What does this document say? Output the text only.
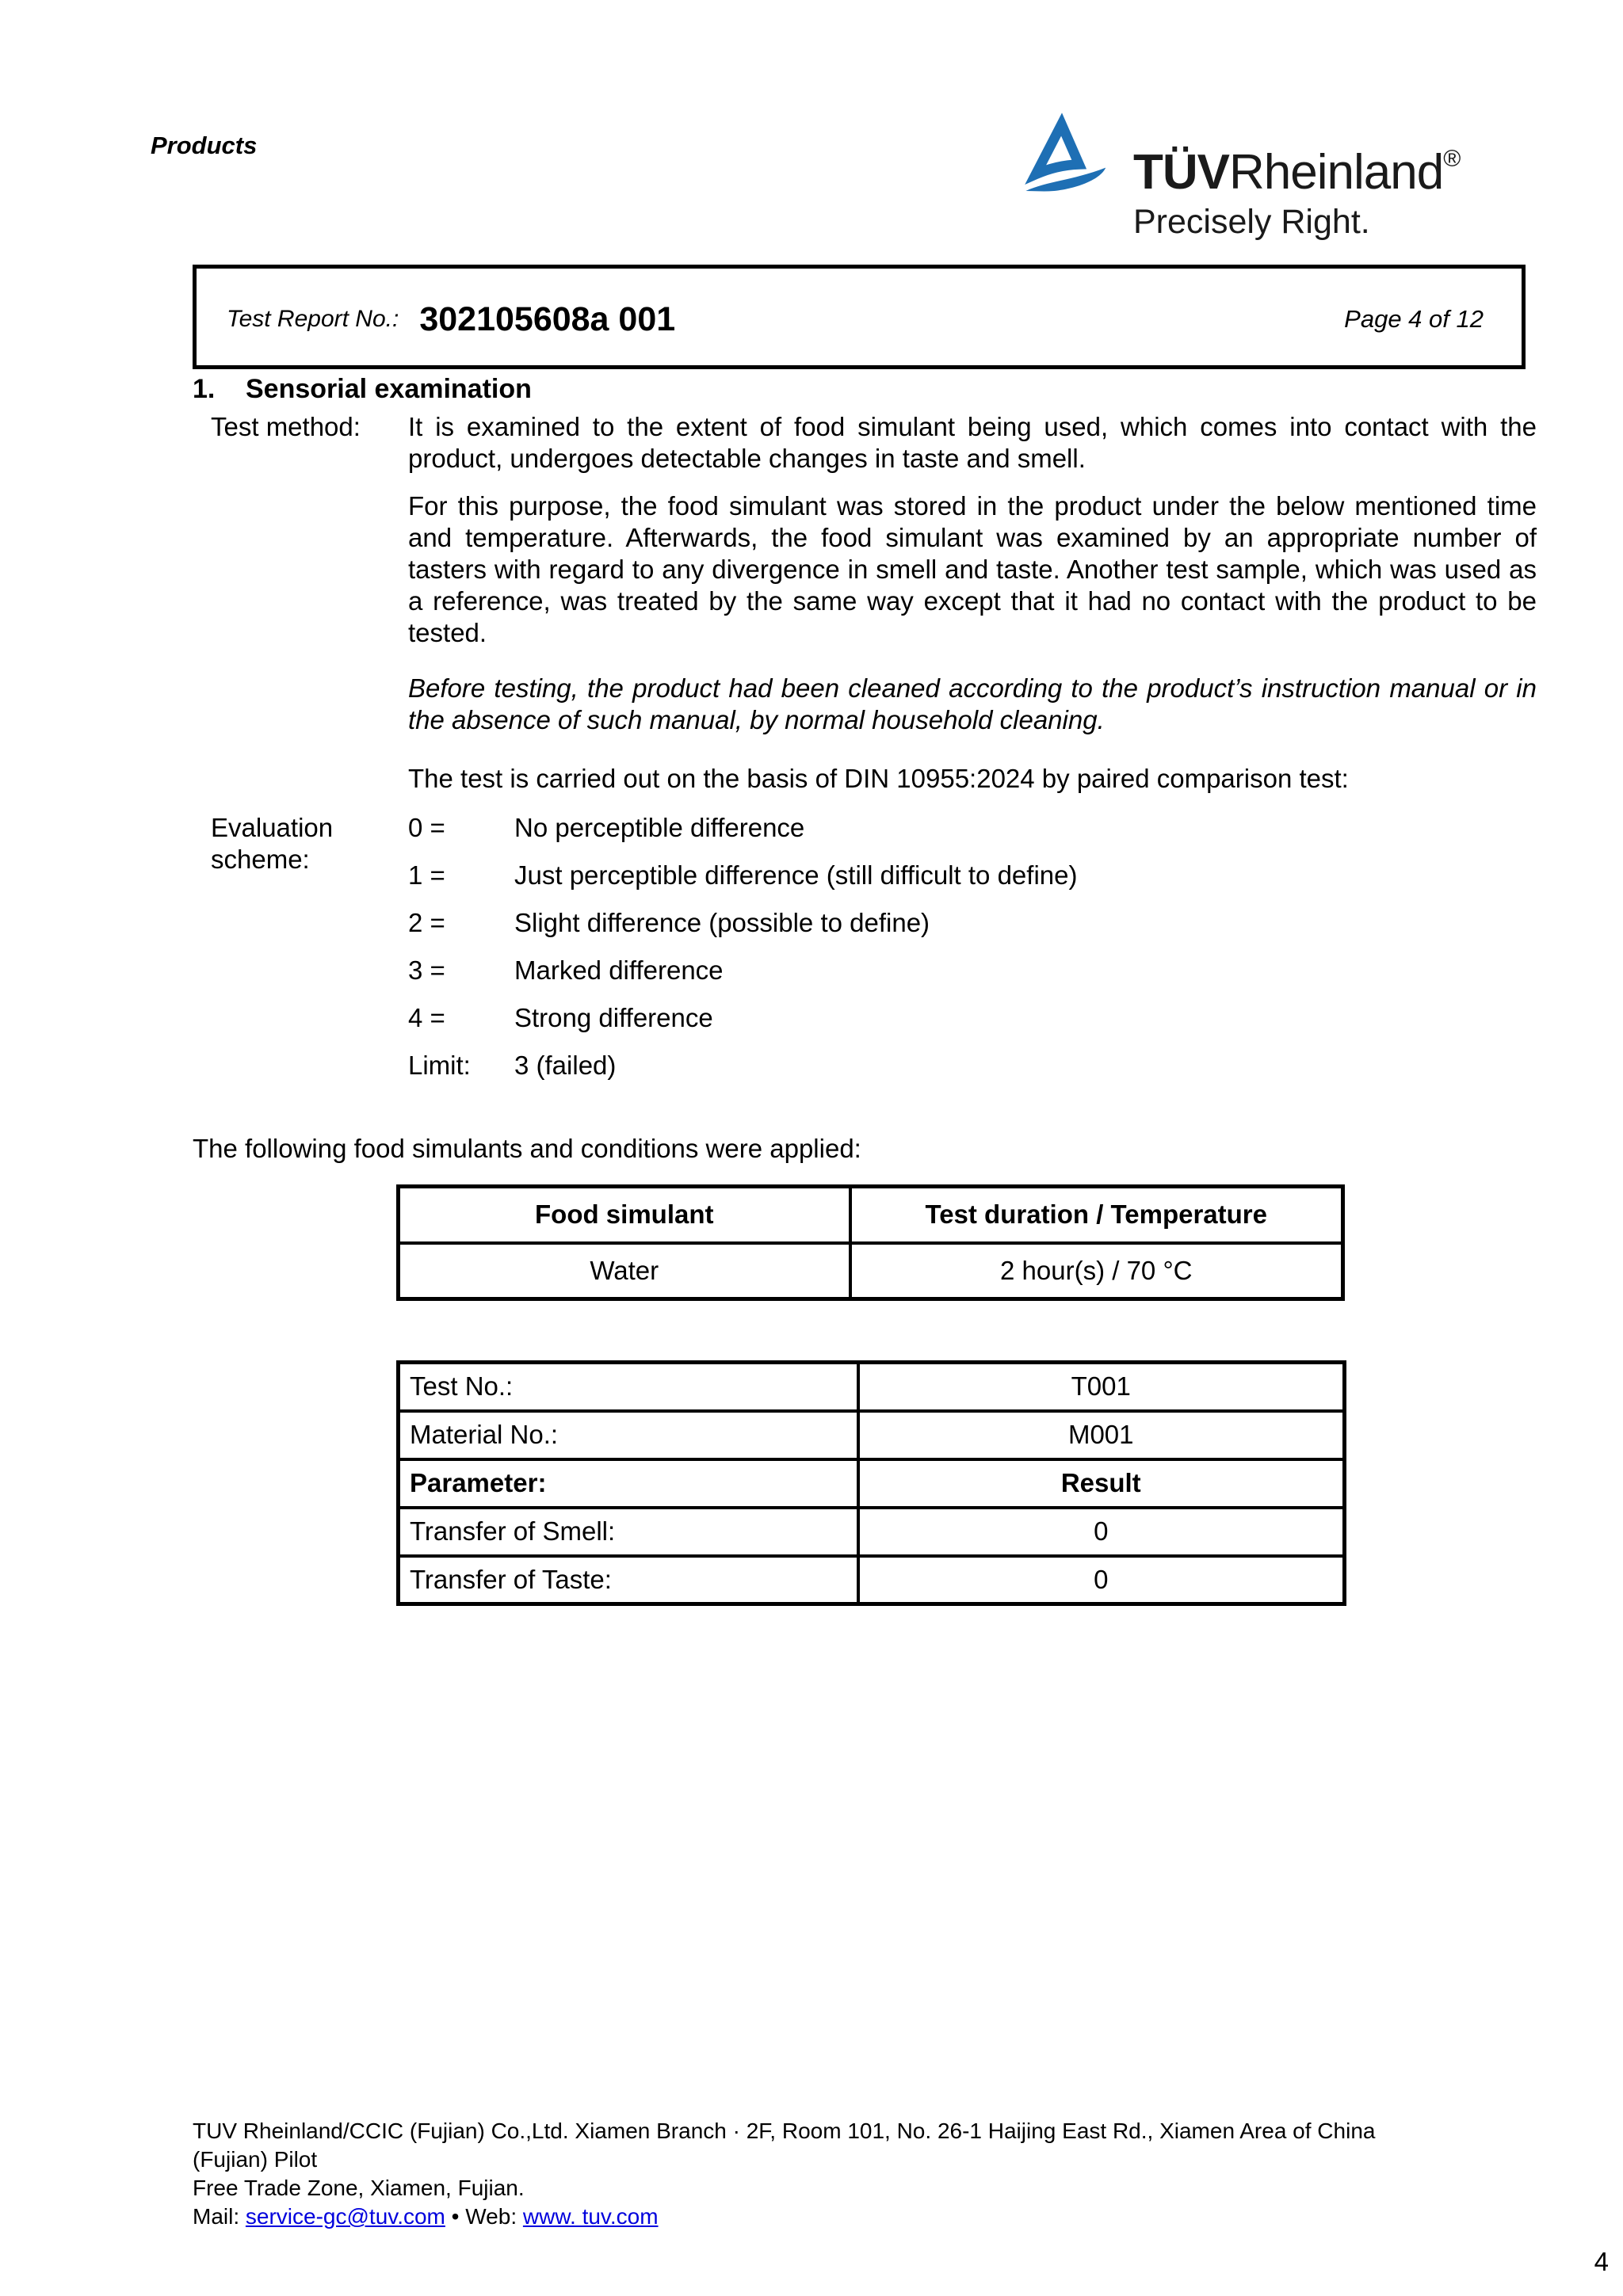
Products	TÜVRheinland®
Precisely Right.
Test Report No.: 302105608a 001	Page 4 of 12
1. Sensorial examination
Test method: It is examined to the extent of food simulant being used, which comes into contact with the product, undergoes detectable changes in taste and smell.

For this purpose, the food simulant was stored in the product under the below mentioned time and temperature. Afterwards, the food simulant was examined by an appropriate number of tasters with regard to any divergence in smell and taste. Another test sample, which was used as a reference, was treated by the same way except that it had no contact with the product to be tested.

Before testing, the product had been cleaned according to the product’s instruction manual or in the absence of such manual, by normal household cleaning.

The test is carried out on the basis of DIN 10955:2024 by paired comparison test:

Evaluation
scheme:
0 =	No perceptible difference
1 =	Just perceptible difference (still difficult to define)
2 =	Slight difference (possible to define)
3 =	Marked difference
4 =	Strong difference
Limit:	3 (failed)
The following food simulants and conditions were applied:
Food simulant	Test duration / Temperature
Water	2 hour(s) / 70 °C
Test No.:	T001
Material No.:	M001
Parameter:	Result
Transfer of Smell:	0
Transfer of Taste:	0
TUV Rheinland/CCIC (Fujian) Co.,Ltd. Xiamen Branch · 2F, Room 101, No. 26-1 Haijing East Rd., Xiamen Area of China (Fujian) Pilot
Free Trade Zone, Xiamen, Fujian.
Mail: service-gc@tuv.com • Web: www. tuv.com
4
